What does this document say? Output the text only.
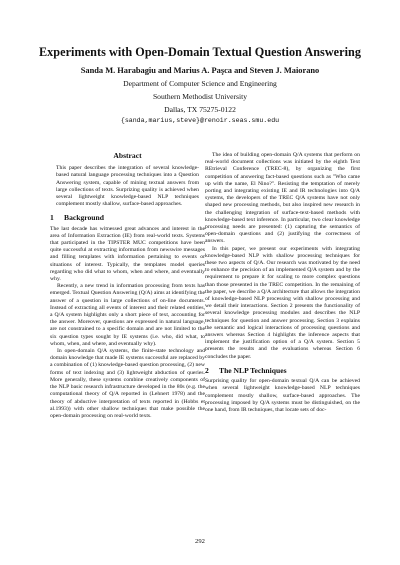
Experiments with Open-Domain Textual Question Answering
Sanda M. Harabagiu and Marius A. Paşca and Steven J. Maiorano
Department of Computer Science and Engineering
Southern Methodist University
Dallas, TX 75275-0122
{sanda,marius,steve}@renoir.seas.smu.edu
Abstract

This paper describes the integration of several knowledge-based natural language processing techniques into a Question Answering system, capable of mining textual answers from large collections of texts. Surprizing quality is achieved when several lightweight knowledge-based NLP techniques complement mostly shallow, surface-based approaches.

1 Background

The last decade has witnessed great advances and interest in the area of Information Extraction (IE) from real-world texts. Systems that participated in the TIPSTER MUC competitions have been quite successful at extracting information from newswire messages and filling templates with information pertaining to events or situations of interest. Typically, the templates model queries regarding who did what to whom, when and where, and eventually why.

Recently, a new trend in information processing from texts has emerged. Textual Question Answering (Q/A) aims at identifying the answer of a question in large collections of on-line documents. Instead of extracting all events of interest and their related entities, a Q/A system highlights only a short piece of text, accounting for the answer. Moreover, questions are expressed in natural language, are not constrained to a specific domain and are not limited to the six question types sought by IE systems (i.e. who, did what, to whom, when, and where, and eventually why).

In open-domain Q/A systems, the finite-state technology and domain knowledge that made IE systems successful are replaced by a combination of (1) knowledge-based question processing, (2) new forms of text indexing and (3) lightweight abduction of queries. More generally, these systems combine creatively components of the NLP basic research infrastructure developed in the 80s (e.g. the computational theory of Q/A reported in (Lehnert 1978) and the theory of abductive interpretation of texts reported in (Hobbs et al.1993)) with other shallow techniques that make possible the open-domain processing on real-world texts.

The idea of building open-domain Q/A systems that perform on real-world document collections was initiated by the eighth Text REtrieval Conference (TREC-8), by organizing the first competition of answering fact-based questions such as "Who came up with the name, El Nino?". Resisting the temptation of merely porting and integrating existing IE and IR technologies into Q/A systems, the developers of the TREC Q/A systems have not only shaped new processing methods, but also inspired new research in the challenging integration of surface-text-based methods with knowledge-based text inference. In particular, two clear knowledge processing needs are presented: (1) capturing the semantics of open-domain questions and (2) justifying the correctness of answers.

In this paper, we present our experiments with integrating knowledge-based NLP with shallow processing techniques for these two aspects of Q/A. Our research was motivated by the need to enhance the precision of an implemented Q/A system and by the requirement to prepare it for scaling to more complex questions than those presented in the TREC competition. In the remaining of the paper, we describe a Q/A architecture that allows the integration of knowledge-based NLP processing with shallow processing and we detail their interactions. Section 2 presents the functionality of several knowledge processing modules and describes the NLP techniques for question and answer processing. Section 3 explains the semantic and logical interactions of processing questions and answers whereas Section 4 highlights the inference aspects that implement the justification option of a Q/A system. Section 5 presents the results and the evaluations whereas Section 6 concludes the paper.

2 The NLP Techniques

Surprising quality for open-domain textual Q/A can be achieved when several lightweight knowledge-based NLP techniques complement mostly shallow, surface-based approaches. The processing imposed by Q/A systems must be distinguished, on the one hand, from IR techniques, that locate sets of doc-

292
